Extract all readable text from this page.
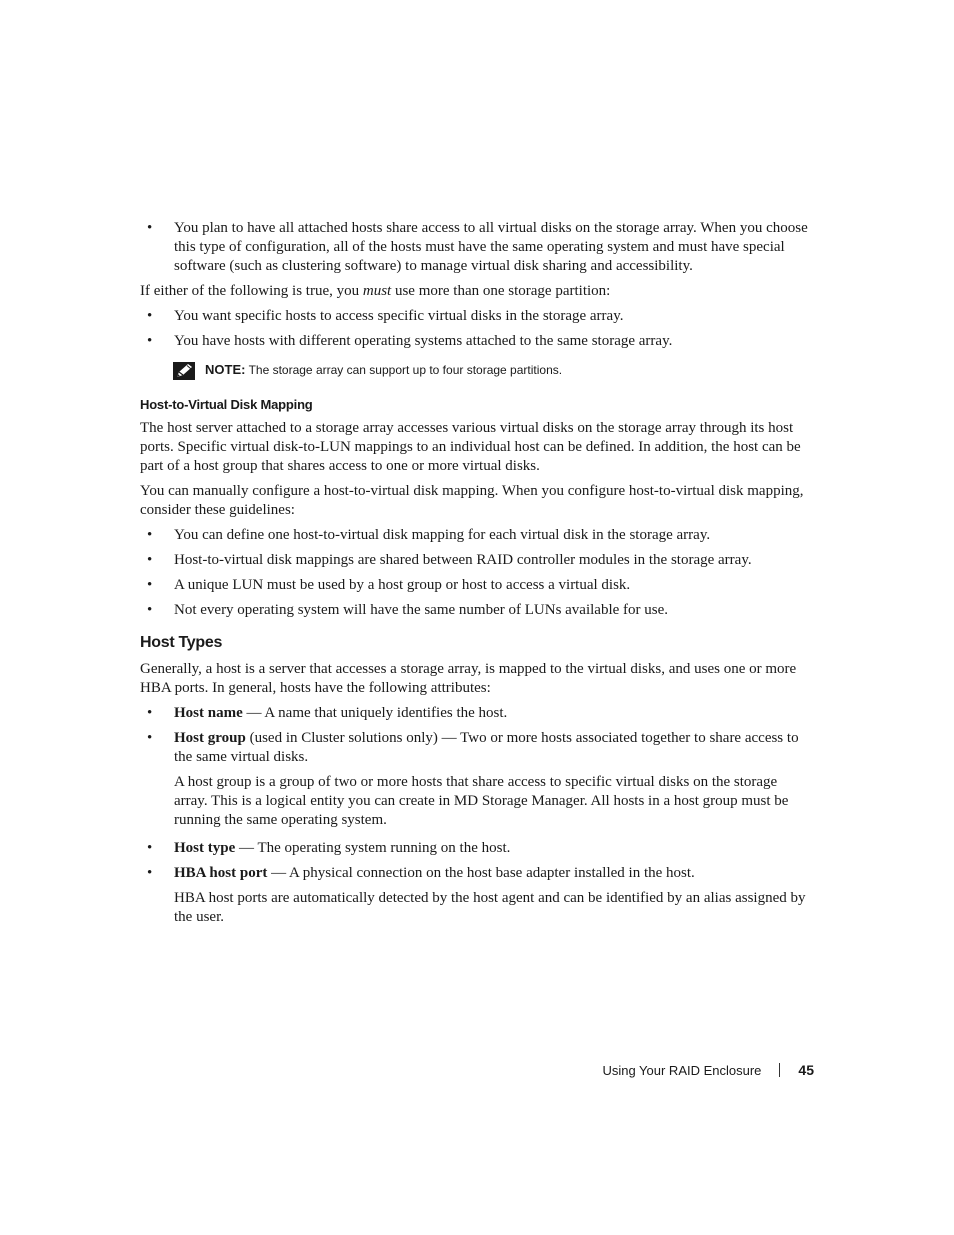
• You plan to have all attached hosts share access to all virtual disks on the storage array. When you choose this type of configuration, all of the hosts must have the same operating system and must have special software (such as clustering software) to manage virtual disk sharing and accessibility.

If either of the following is true, you must use more than one storage partition:

• You want specific hosts to access specific virtual disks in the storage array.
• You have hosts with different operating systems attached to the same storage array.
NOTE: The storage array can support up to four storage partitions.
Host-to-Virtual Disk Mapping

The host server attached to a storage array accesses various virtual disks on the storage array through its host ports. Specific virtual disk-to-LUN mappings to an individual host can be defined. In addition, the host can be part of a host group that shares access to one or more virtual disks.

You can manually configure a host-to-virtual disk mapping. When you configure host-to-virtual disk mapping, consider these guidelines:

• You can define one host-to-virtual disk mapping for each virtual disk in the storage array.
• Host-to-virtual disk mappings are shared between RAID controller modules in the storage array.
• A unique LUN must be used by a host group or host to access a virtual disk.
• Not every operating system will have the same number of LUNs available for use.
Host Types

Generally, a host is a server that accesses a storage array, is mapped to the virtual disks, and uses one or more HBA ports. In general, hosts have the following attributes:

• Host name — A name that uniquely identifies the host.
• Host group (used in Cluster solutions only) — Two or more hosts associated together to share access to the same virtual disks.

A host group is a group of two or more hosts that share access to specific virtual disks on the storage array. This is a logical entity you can create in MD Storage Manager. All hosts in a host group must be running the same operating system.

• Host type — The operating system running on the host.
• HBA host port — A physical connection on the host base adapter installed in the host.

HBA host ports are automatically detected by the host agent and can be identified by an alias assigned by the user.

Using Your RAID Enclosure	45
